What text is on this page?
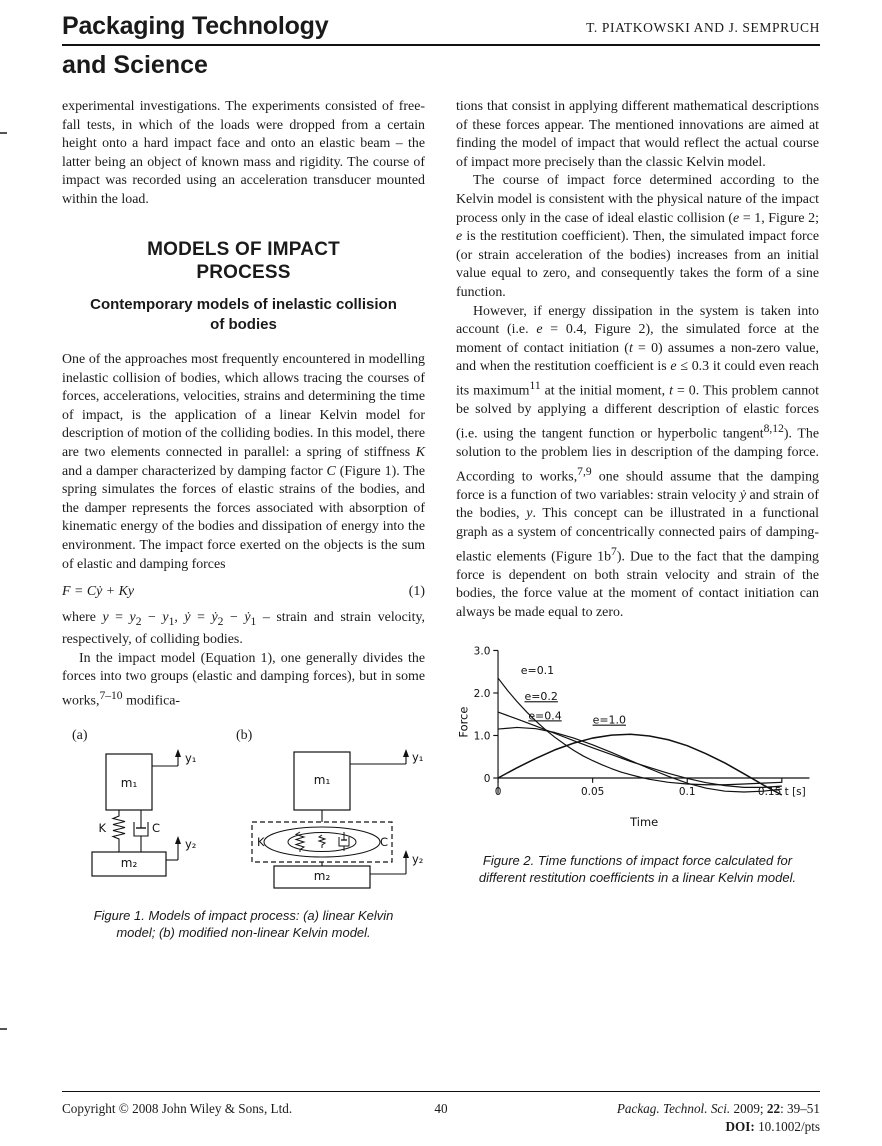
Packaging Technology	T. PIATKOWSKI AND J. SEMPRUCH
and Science

experimental investigations. The experiments consisted of free-fall tests, in which of the loads were dropped from a certain height onto a hard impact face and onto an elastic beam – the latter being an object of known mass and rigidity. The course of impact was recorded using an acceleration transducer mounted within the load.

MODELS OF IMPACT PROCESS
Contemporary models of inelastic collision of bodies

One of the approaches most frequently encountered in modelling inelastic collision of bodies, which allows tracing the courses of forces, accelerations, velocities, strains and determining the time of impact, is the application of a linear Kelvin model for description of motion of the colliding bodies. In this model, there are two elements connected in parallel: a spring of stiffness K and a damper characterized by damping factor C (Figure 1). The spring simulates the forces of elastic strains of the bodies, and the damper represents the forces associated with absorption of kinematic energy of the bodies and dissipation of energy into the environment. The impact force exerted on the objects is the sum of elastic and damping forces

F = Cẏ + Ky	(1)

where $y = y_2 - y_1$, ẏ = ẏ$_2$ − ẏ$_1$ – strain and strain velocity, respectively, of colliding bodies.

In the impact model (Equation 1), one generally divides the forces into two groups (elastic and damping forces), but in some works,$^{7-10}$ modifica-

(a)
m₁
y₁
K	C
m₂
y₂
(b)
m₁
y₁
K	C
m₂
y₂
Figure 1. Models of impact process: (a) linear Kelvin model; (b) modified non-linear Kelvin model.

tions that consist in applying different mathematical descriptions of these forces appear. The mentioned innovations are aimed at finding the model of impact that would reflect the actual course of impact more precisely than the classic Kelvin model.

The course of impact force determined according to the Kelvin model is consistent with the physical nature of the impact process only in the case of ideal elastic collision (e = 1, Figure 2; e is the restitution coefficient). Then, the simulated impact force (or strain acceleration of the bodies) increases from an initial value equal to zero, and consequently takes the form of a sine function.

However, if energy dissipation in the system is taken into account (i.e. e = 0.4, Figure 2), the simulated force at the moment of contact initiation (t = 0) assumes a non-zero value, and when the restitution coefficient is e ≤ 0.3 it could even reach its maximum$^{11}$ at the initial moment, t = 0. This problem cannot be solved by applying a different description of elastic forces (i.e. using the tangent function or hyperbolic tangent$^{8,12}$). The solution to the problem lies in description of the damping force. According to works,$^{7,9}$ one should assume that the damping force is a function of two variables: strain velocity ẏ and strain of the bodies, y. This concept can be illustrated in a functional graph as a system of concentrically connected pairs of damping-elastic elements (Figure $1b^7$). Due to the fact that the damping force is dependent on both strain velocity and strain of the bodies, the force value at the moment of contact initiation can always be made equal to zero.

0
1.0
2.0
3.0
0	0.05	0.1	0.15 t [s]
e=0.1
e=0.2
e=0.4	e=1.0
Force
Time
Figure 2. Time functions of impact force calculated for different restitution coefficients in a linear Kelvin model.
Copyright © 2008 John Wiley & Sons, Ltd.	40	Packag. Technol. Sci. 2009; 22: 39–51
DOI: 10.1002/pts
